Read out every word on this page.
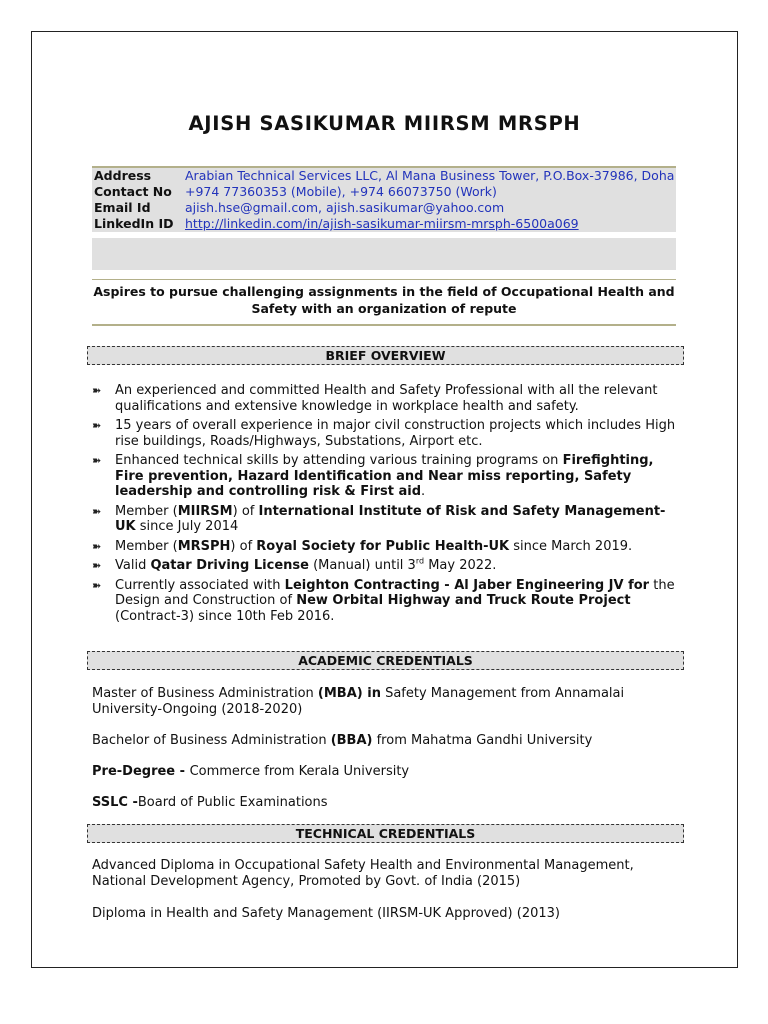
AJISH SASIKUMAR MIIRSM MRSPH
Address	Arabian Technical Services LLC, Al Mana Business Tower, P.O.Box-37986, Doha
Contact No	+974 77360353 (Mobile), +974 66073750 (Work)
Email Id	ajish.hse@gmail.com, ajish.sasikumar@yahoo.com
LinkedIn ID http://linkedin.com/in/ajish-sasikumar-miirsm-mrsph-6500a069
Aspires to pursue challenging assignments in the field of Occupational Health and Safety with an organization of repute
BRIEF OVERVIEW
➽ An experienced and committed Health and Safety Professional with all the relevant qualifications and extensive knowledge in workplace health and safety.
➽ 15 years of overall experience in major civil construction projects which includes High rise buildings, Roads/Highways, Substations, Airport etc.
➽ Enhanced technical skills by attending various training programs on Firefighting, Fire prevention, Hazard Identification and Near miss reporting, Safety leadership and controlling risk & First aid.
➽ Member (MIIRSM) of International Institute of Risk and Safety Management-UK since July 2014
➽ Member (MRSPH) of Royal Society for Public Health-UK since March 2019.
➽ Valid Qatar Driving License (Manual) until 3rd May 2022.
➽ Currently associated with Leighton Contracting - Al Jaber Engineering JV for the Design and Construction of New Orbital Highway and Truck Route Project (Contract-3) since 10th Feb 2016.
ACADEMIC CREDENTIALS
Master of Business Administration (MBA) in Safety Management from Annamalai University-Ongoing (2018-2020)
Bachelor of Business Administration (BBA) from Mahatma Gandhi University
Pre-Degree - Commerce from Kerala University
SSLC -Board of Public Examinations
TECHNICAL CREDENTIALS
Advanced Diploma in Occupational Safety Health and Environmental Management, National Development Agency, Promoted by Govt. of India (2015)
Diploma in Health and Safety Management (IIRSM-UK Approved) (2013)
